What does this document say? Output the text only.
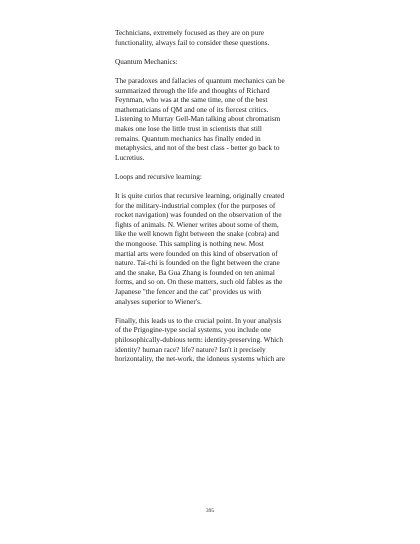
Technicians, extremely focused as they are on pure
functionality, always fail to consider these questions.

Quantum Mechanics:

The paradoxes and fallacies of quantum mechanics can be
summarized through the life and thoughts of Richard
Feynman, who was at the same time, one of the best
mathematicians of QM and one of its fiercest critics.
Listening to Murray Gell-Man talking about chromatism
makes one lose the little trust in scientists that still
remains. Quantum mechanics has finally ended in
metaphysics, and not of the best class - better go back to
Lucretius.

Loops and recursive learning:

It is quite curios that recursive learning, originally created
for the military-industrial complex (for the purposes of
rocket navigation) was founded on the observation of the
fights of animals. N. Wiener writes about some of them,
like the well known fight between the snake (cobra) and
the mongoose. This sampling is nothing new. Most
martial arts were founded on this kind of observation of
nature. Tai-chi is founded on the fight between the crane
and the snake, Ba Gua Zhang is founded on ten animal
forms, and so on. On these matters, such old fables as the
Japanese "the fencer and the cat" provides us with
analyses superior to Wiener's.

Finally, this leads us to the crucial point. In your analysis
of the Prigogine-type social systems, you include one
philosophically-dubious term: identity-preserving. Which
identity? human race? life? nature? Isn't it precisely
horizontality, the net-work, the idoneus systems which are

395
